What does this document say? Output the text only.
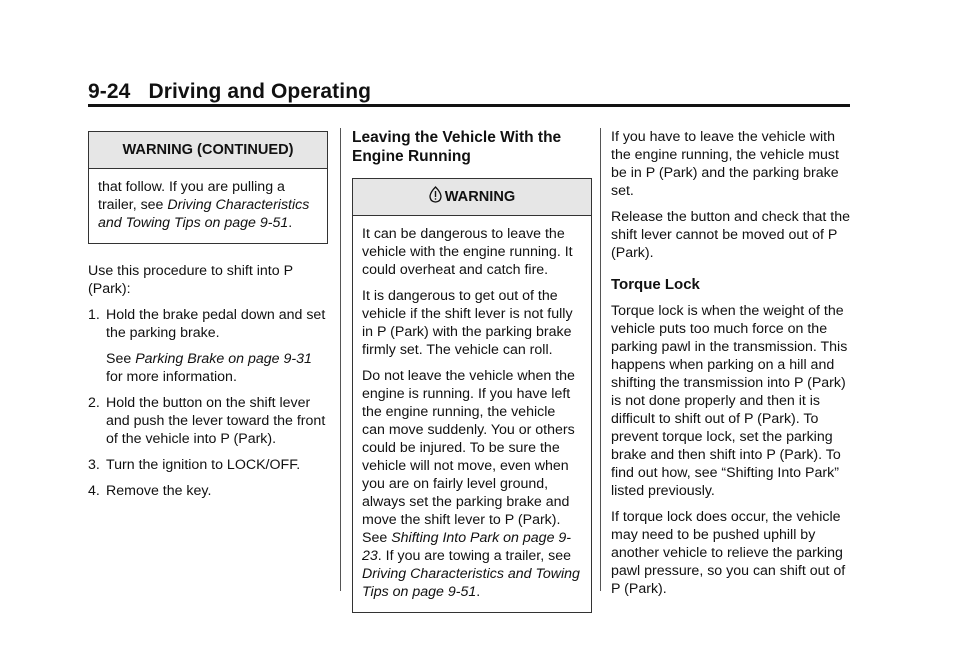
9-24 Driving and Operating
WARNING (CONTINUED)

that follow. If you are pulling a trailer, see Driving Characteristics and Towing Tips on page 9-51.

Use this procedure to shift into P (Park):

1. Hold the brake pedal down and set the parking brake.
See Parking Brake on page 9-31 for more information.
2. Hold the button on the shift lever and push the lever toward the front of the vehicle into P (Park).
3. Turn the ignition to LOCK/OFF.
4. Remove the key.
Leaving the Vehicle With the Engine Running
WARNING

It can be dangerous to leave the vehicle with the engine running. It could overheat and catch fire.

It is dangerous to get out of the vehicle if the shift lever is not fully in P (Park) with the parking brake firmly set. The vehicle can roll.

Do not leave the vehicle when the engine is running. If you have left the engine running, the vehicle can move suddenly. You or others could be injured. To be sure the vehicle will not move, even when you are on fairly level ground, always set the parking brake and move the shift lever to P (Park). See Shifting Into Park on page 9-23. If you are towing a trailer, see Driving Characteristics and Towing Tips on page 9-51.

If you have to leave the vehicle with the engine running, the vehicle must be in P (Park) and the parking brake set.

Release the button and check that the shift lever cannot be moved out of P (Park).

Torque Lock

Torque lock is when the weight of the vehicle puts too much force on the parking pawl in the transmission. This happens when parking on a hill and shifting the transmission into P (Park) is not done properly and then it is difficult to shift out of P (Park). To prevent torque lock, set the parking brake and then shift into P (Park). To find out how, see “Shifting Into Park” listed previously.

If torque lock does occur, the vehicle may need to be pushed uphill by another vehicle to relieve the parking pawl pressure, so you can shift out of P (Park).
